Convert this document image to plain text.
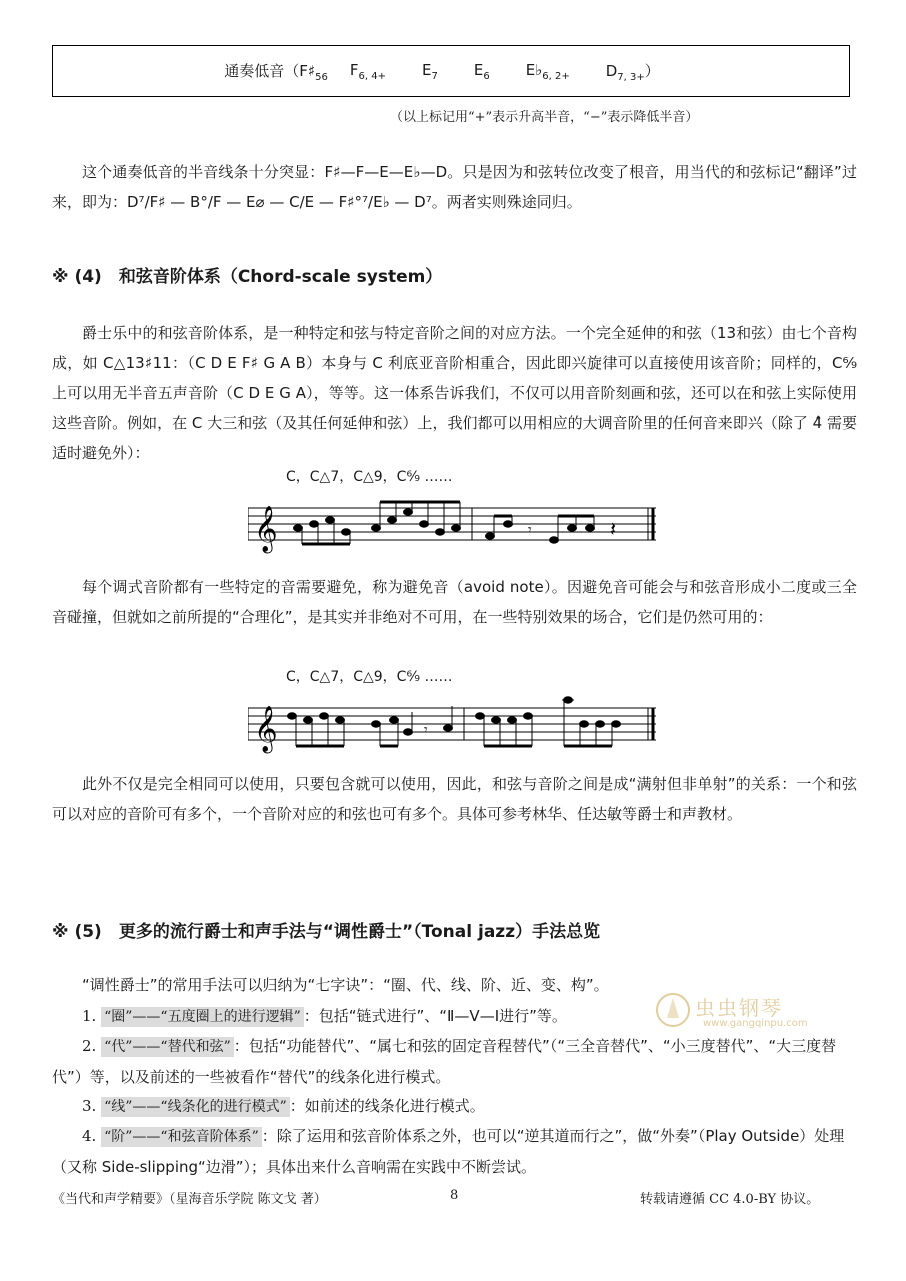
通奏低音（$F♯_{56}$ $F_{6, 4+}$ $E_7$ $E_6$ $E♭_{6, 2+}$ $D_{7, 3+}$）
（以上标记用“+”表示升高半音，“−”表示降低半音）

这个通奏低音的半音线条十分突显：F♯—F—E—E♭—D。只是因为和弦转位改变了根音，用当代的和弦标记“翻译”过来，即为：D⁷/F♯ — B°/F — E⌀ — C/E — F♯°⁷/E♭ — D⁷。两者实则殊途同归。

※ (4)　和弦音阶体系（Chord-scale system）

爵士乐中的和弦音阶体系，是一种特定和弦与特定音阶之间的对应方法。一个完全延伸的和弦（13和弦）由七个音构成，如 C△13♯11：（C D E F♯ G A B）本身与 C 利底亚音阶相重合，因此即兴旋律可以直接使用该音阶；同样的，C⁶⁄₉ 上可以用无半音五声音阶（C D E G A），等等。这一体系告诉我们，不仅可以用音阶刻画和弦，还可以在和弦上实际使用这些音阶。例如，在 C 大三和弦（及其任何延伸和弦）上，我们都可以用相应的大调音阶里的任何音来即兴（除了 4̂ 需要适时避免外）：

C，C△7，C△9，C⁶⁄₉ ……
𝄞	𝄾	𝄽

每个调式音阶都有一些特定的音需要避免，称为避免音（avoid note）。因避免音可能会与和弦音形成小二度或三全音碰撞，但就如之前所提的“合理化”，是其实并非绝对不可用，在一些特别效果的场合，它们是仍然可用的：

C，C△7，C△9，C⁶⁄₉ ……
𝄞	𝄾

此外不仅是完全相同可以使用，只要包含就可以使用，因此，和弦与音阶之间是成“满射但非单射”的关系：一个和弦可以对应的音阶可有多个，一个音阶对应的和弦也可有多个。具体可参考林华、任达敏等爵士和声教材。

※ (5)　更多的流行爵士和声手法与“调性爵士”（Tonal jazz）手法总览

“调性爵士”的常用手法可以归纳为“七字诀”：“圈、代、线、阶、近、变、构”。

1. “圈”——“五度圈上的进行逻辑” ：包括“链式进行”、“Ⅱ—Ⅴ—Ⅰ进行”等。
2. “代”——“替代和弦” ：包括“功能替代”、“属七和弦的固定音程替代”（“三全音替代”、“小三度替代”、“大三度替代”）等，以及前述的一些被看作“替代”的线条化进行模式。
3. “线”——“线条化的进行模式” ：如前述的线条化进行模式。
4. “阶”——“和弦音阶体系” ：除了运用和弦音阶体系之外，也可以“逆其道而行之”，做“外奏”（Play Outside）处理（又称 Side-slipping“边滑”）；具体出来什么音响需在实践中不断尝试。
虫虫钢琴
www.gangqinpu.com
《当代和声学精要》（星海音乐学院 陈文戈 著）	8	转载请遵循 CC 4.0-BY 协议。
